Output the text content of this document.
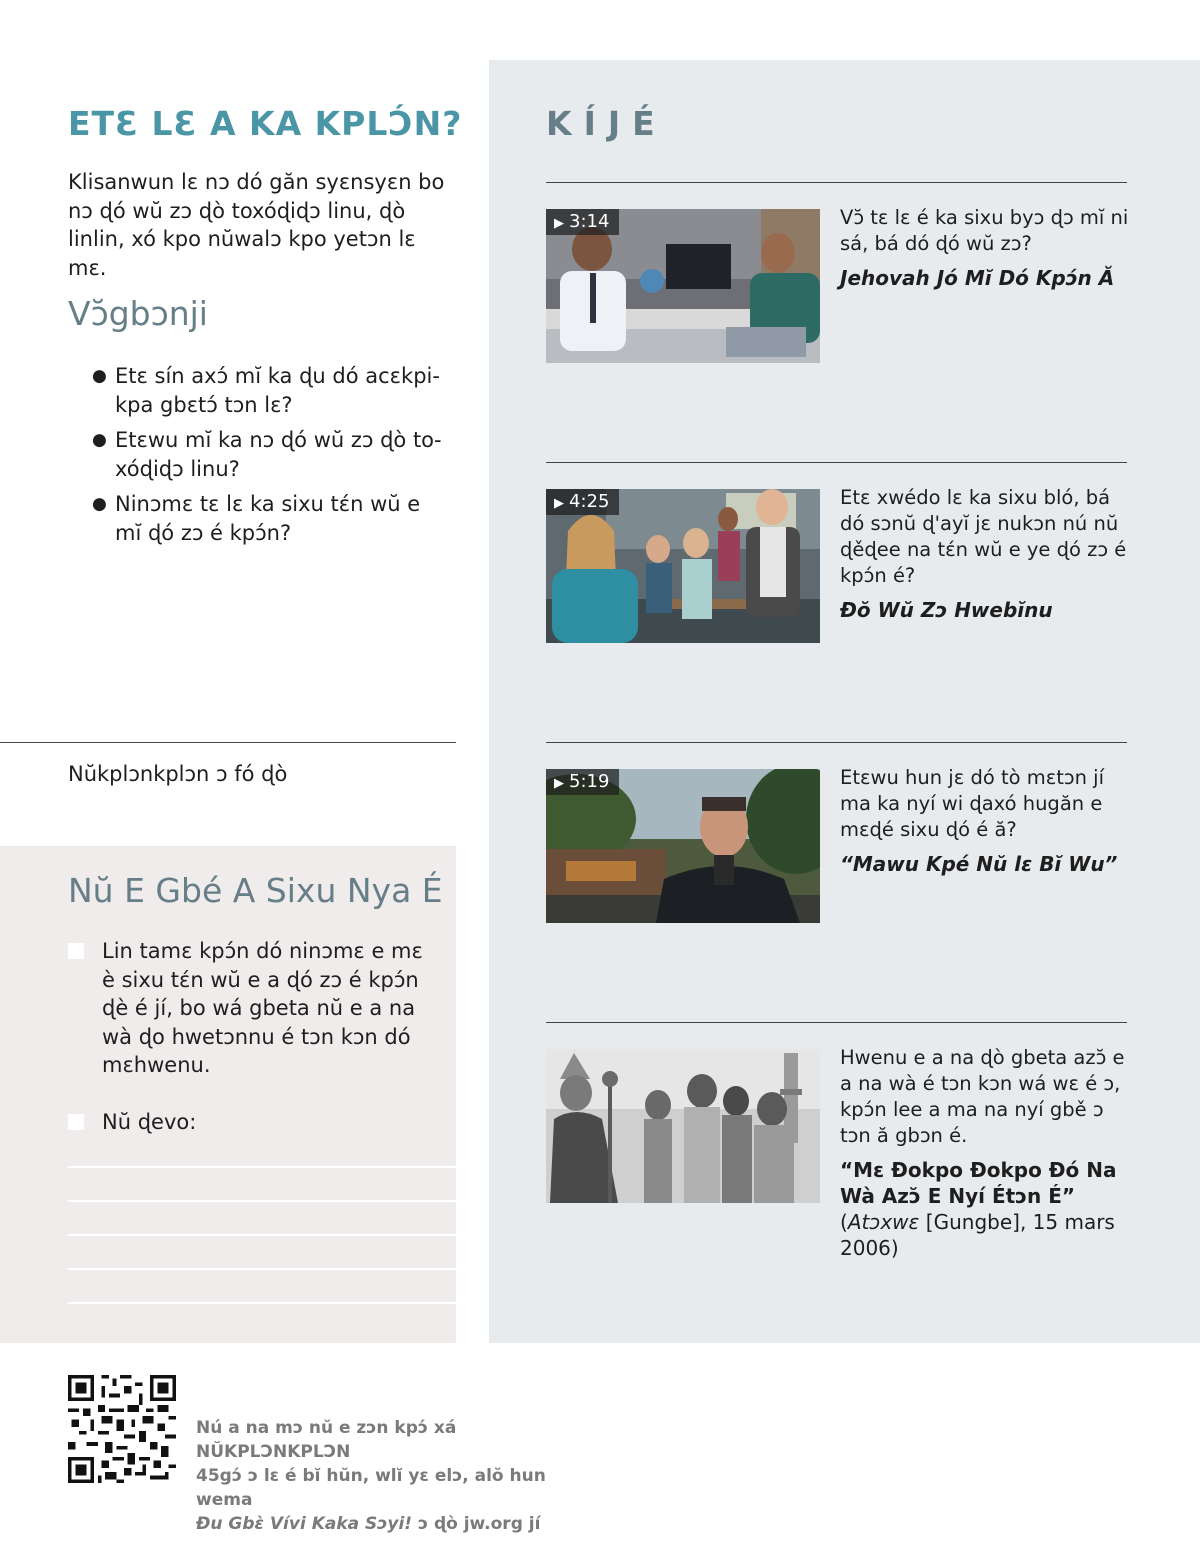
ETƐ LƐ A KA KPLƆ́N?

Klisanwun lɛ nɔ dó găn syɛnsyɛn bo nɔ ɖó wŭ zɔ ɖò toxóɖiɖɔ linu, ɖò linlin, xó kpo nŭwalɔ kpo yetɔn lɛ mɛ.

Vɔ̆gbɔnji
● Etɛ sín axɔ́ mĭ ka ɖu dó acɛkpikpa gbɛtɔ́ tɔn lɛ?
● Etɛwu mĭ ka nɔ ɖó wŭ zɔ ɖò toxóɖiɖɔ linu?
● Ninɔmɛ tɛ lɛ ka sixu tɛ́n wŭ e mĭ ɖó zɔ é kpɔ́n?
Nŭkplɔnkplɔn ɔ fó ɖò
Nŭ E Gbé A Sixu Nya É
Lin tamɛ kpɔ́n dó ninɔmɛ e mɛ è sixu tɛ́n wŭ e a ɖó zɔ é kpɔ́n ɖè é jí, bo wá gbeta nŭ e a na wà ɖo hwetɔnnu é tɔn kɔn dó mɛhwenu.
Nŭ ɖevo:
KÍJÉ
▶ 3:14	Vɔ̆ tɛ lɛ é ka sixu byɔ ɖɔ mĭ ni sá, bá dó ɖó wŭ zɔ?

Jehovah Jó Mĭ Dó Kpɔ́n Ă

▶ 4:25	Etɛ xwédo lɛ ka sixu bló, bá dó sɔnŭ ɖ'ayĭ jɛ nukɔn nú nŭ ɖěɖee na tɛ́n wŭ e ye ɖó zɔ é kpɔ́n é?

Ðŏ Wŭ Zɔ Hwebĭnu

▶ 5:19	Etɛwu hun jɛ dó tò mɛtɔn jí ma ka nyí wi ɖaxó hugăn e mɛɖé sixu ɖó é ă?

“Mawu Kpé Nŭ lɛ Bĭ Wu”

Hwenu e a na ɖò gbeta azɔ̆ e a na wà é tɔn kɔn wá wɛ é ɔ, kpɔ́n lee a ma na nyí gbě ɔ tɔn ă gbɔn é.

“Mɛ Ðokpo Ðokpo Ðó Na Wà Azɔ̆ E Nyí Étɔn É” (Atɔxwɛ [Gungbe], 15 mars 2006)

Nú a na mɔ nŭ e zɔn kpɔ́ xá NŬKPLƆNKPLƆN
45gɔ́ ɔ lɛ é bĭ hŭn, wlĭ yɛ elɔ, alŏ hun wema
Ðu Gbɛ̀ Vívi Kaka Sɔyi! ɔ ɖò jw.org jí
